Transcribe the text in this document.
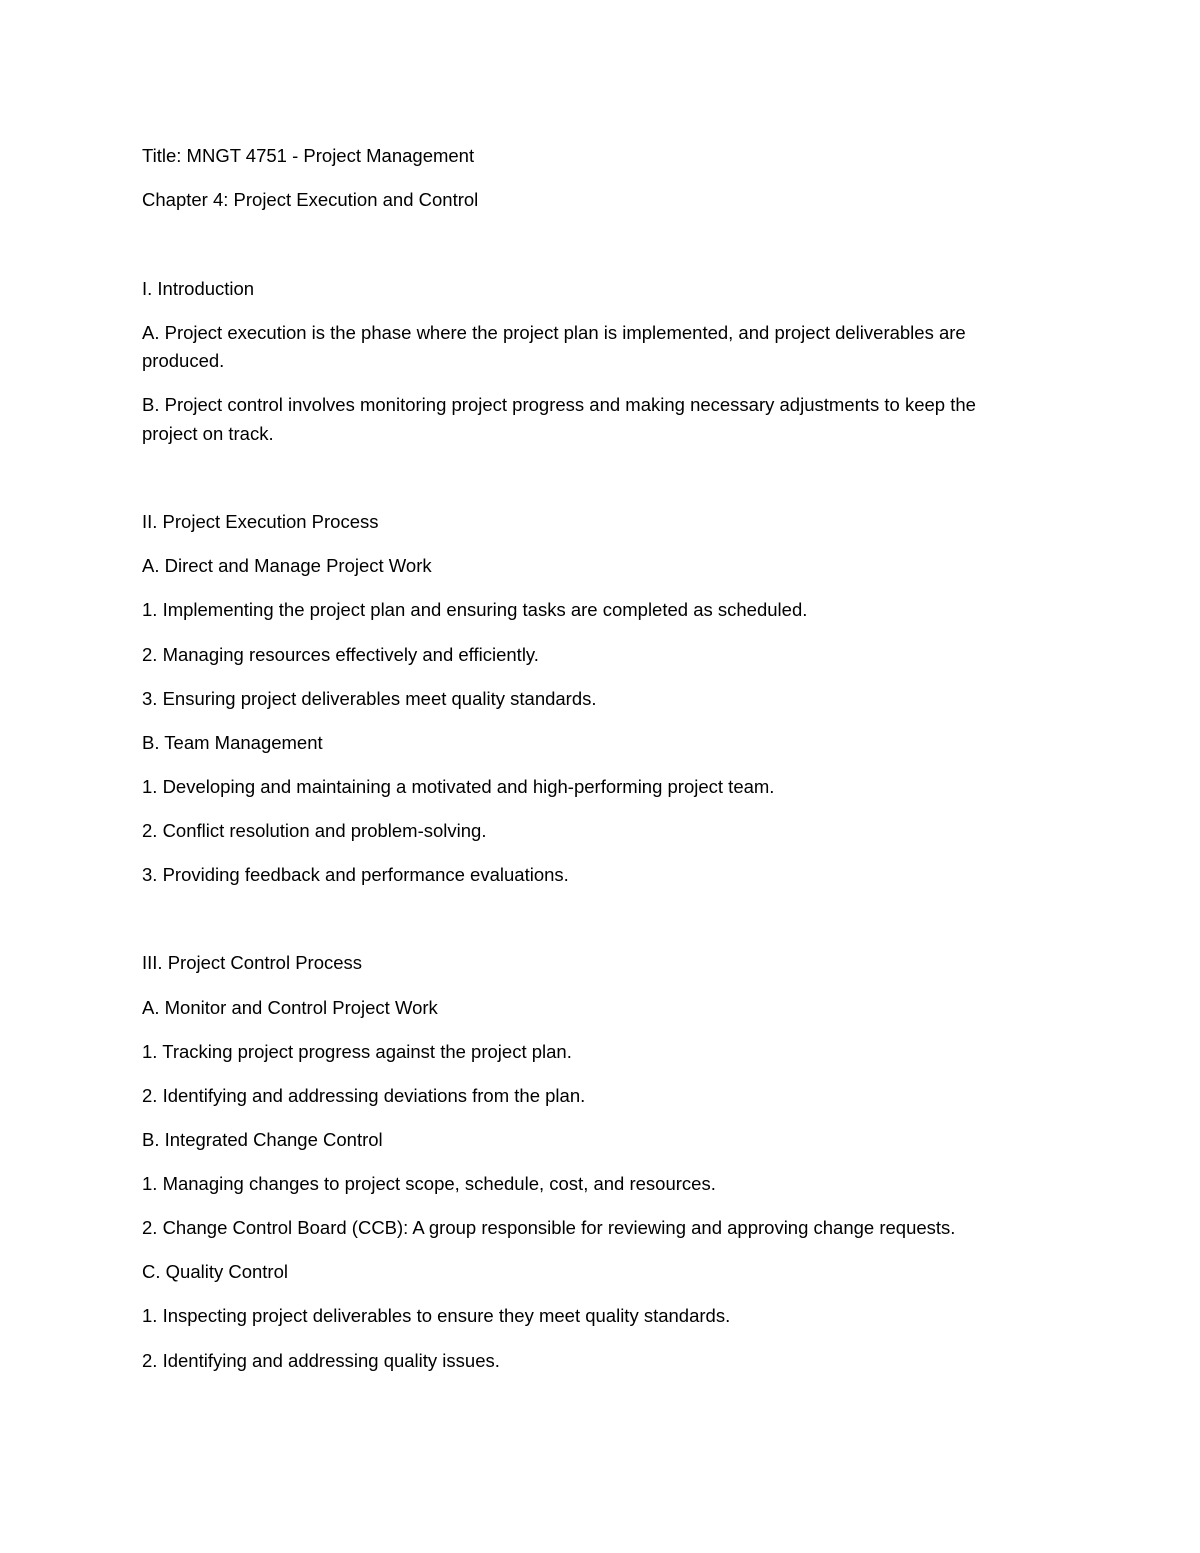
Title: MNGT 4751 - Project Management
Chapter 4: Project Execution and Control
I. Introduction
A. Project execution is the phase where the project plan is implemented, and project deliverables are
produced.
B. Project control involves monitoring project progress and making necessary adjustments to keep the
project on track.
II. Project Execution Process
A. Direct and Manage Project Work
1. Implementing the project plan and ensuring tasks are completed as scheduled.
2. Managing resources effectively and efficiently.
3. Ensuring project deliverables meet quality standards.
B. Team Management
1. Developing and maintaining a motivated and high-performing project team.
2. Conflict resolution and problem-solving.
3. Providing feedback and performance evaluations.
III. Project Control Process
A. Monitor and Control Project Work
1. Tracking project progress against the project plan.
2. Identifying and addressing deviations from the plan.
B. Integrated Change Control
1. Managing changes to project scope, schedule, cost, and resources.
2. Change Control Board (CCB): A group responsible for reviewing and approving change requests.
C. Quality Control
1. Inspecting project deliverables to ensure they meet quality standards.
2. Identifying and addressing quality issues.
